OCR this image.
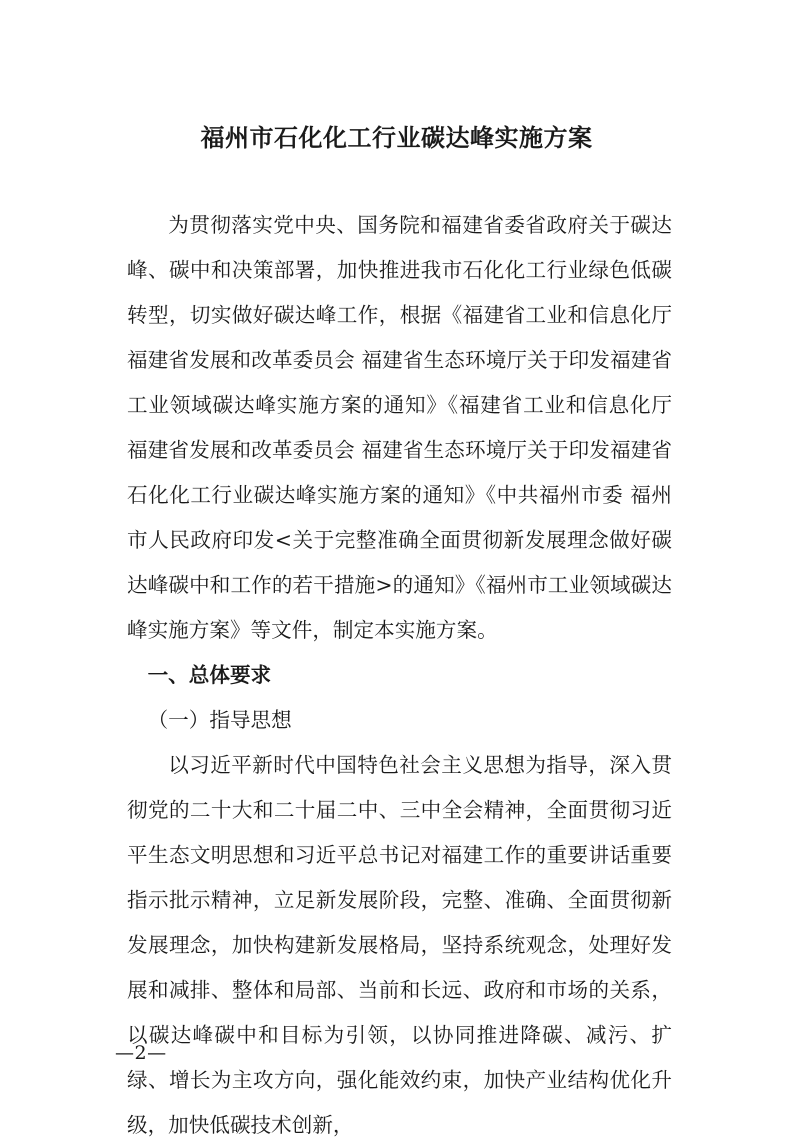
福州市石化化工行业碳达峰实施方案

为贯彻落实党中央、国务院和福建省委省政府关于碳达峰、碳中和决策部署，加快推进我市石化化工行业绿色低碳转型，切实做好碳达峰工作，根据《福建省工业和信息化厅 福建省发展和改革委员会 福建省生态环境厅关于印发福建省工业领域碳达峰实施方案的通知》《福建省工业和信息化厅 福建省发展和改革委员会 福建省生态环境厅关于印发福建省石化化工行业碳达峰实施方案的通知》《中共福州市委 福州市人民政府印发<关于完整准确全面贯彻新发展理念做好碳达峰碳中和工作的若干措施>的通知》《福州市工业领域碳达峰实施方案》等文件，制定本实施方案。

一、总体要求

（一）指导思想

以习近平新时代中国特色社会主义思想为指导，深入贯彻党的二十大和二十届二中、三中全会精神，全面贯彻习近平生态文明思想和习近平总书记对福建工作的重要讲话重要指示批示精神，立足新发展阶段，完整、准确、全面贯彻新发展理念，加快构建新发展格局，坚持系统观念，处理好发展和减排、整体和局部、当前和长远、政府和市场的关系，以碳达峰碳中和目标为引领，以协同推进降碳、减污、扩绿、增长为主攻方向，强化能效约束，加快产业结构优化升级，加快低碳技术创新，

—2—
